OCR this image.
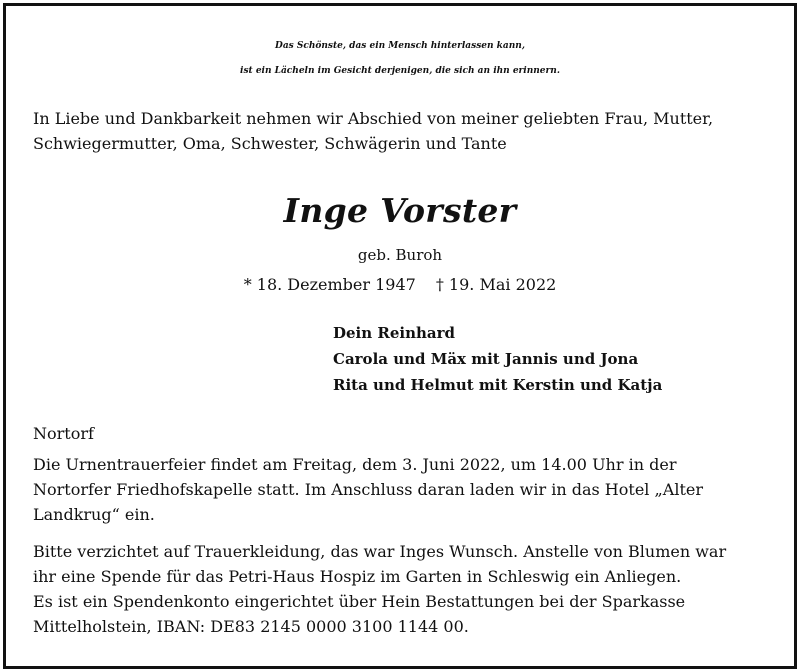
Das Schönste, das ein Mensch hinterlassen kann,
ist ein Lächeln im Gesicht derjenigen, die sich an ihn erinnern.
In Liebe und Dankbarkeit nehmen wir Abschied von meiner geliebten Frau, Mutter,
Schwiegermutter, Oma, Schwester, Schwägerin und Tante
Inge Vorster
geb. Buroh
* 18. Dezember 1947 † 19. Mai 2022
Dein Reinhard
Carola und Mäx mit Jannis und Jona
Rita und Helmut mit Kerstin und Katja
Nortorf
Die Urnentrauerfeier findet am Freitag, dem 3. Juni 2022, um 14.00 Uhr in der
Nortorfer Friedhofskapelle statt. Im Anschluss daran laden wir in das Hotel „Alter
Landkrug“ ein.
Bitte verzichtet auf Trauerkleidung, das war Inges Wunsch. Anstelle von Blumen war
ihr eine Spende für das Petri-Haus Hospiz im Garten in Schleswig ein Anliegen.
Es ist ein Spendenkonto eingerichtet über Hein Bestattungen bei der Sparkasse
Mittelholstein, IBAN: DE83 2145 0000 3100 1144 00.
